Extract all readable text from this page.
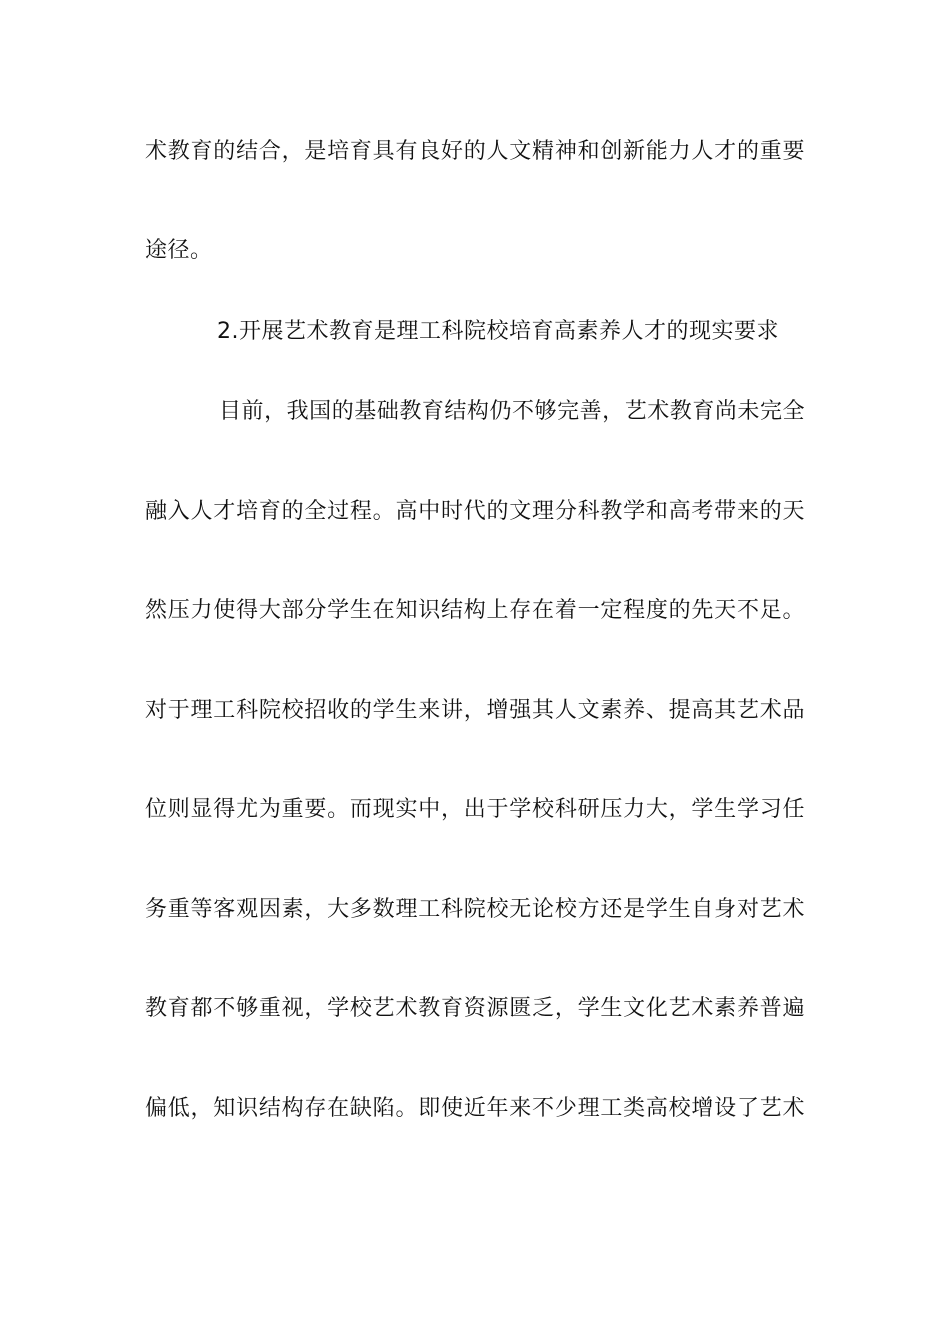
术教育的结合，是培育具有良好的人文精神和创新能力人才的重要
途径。
2.开展艺术教育是理工科院校培育高素养人才的现实要求
目前，我国的基础教育结构仍不够完善，艺术教育尚未完全
融入人才培育的全过程。高中时代的文理分科教学和高考带来的天
然压力使得大部分学生在知识结构上存在着一定程度的先天不足。
对于理工科院校招收的学生来讲，增强其人文素养、提高其艺术品
位则显得尤为重要。而现实中，出于学校科研压力大，学生学习任
务重等客观因素，大多数理工科院校无论校方还是学生自身对艺术
教育都不够重视，学校艺术教育资源匮乏，学生文化艺术素养普遍
偏低，知识结构存在缺陷。即使近年来不少理工类高校增设了艺术
